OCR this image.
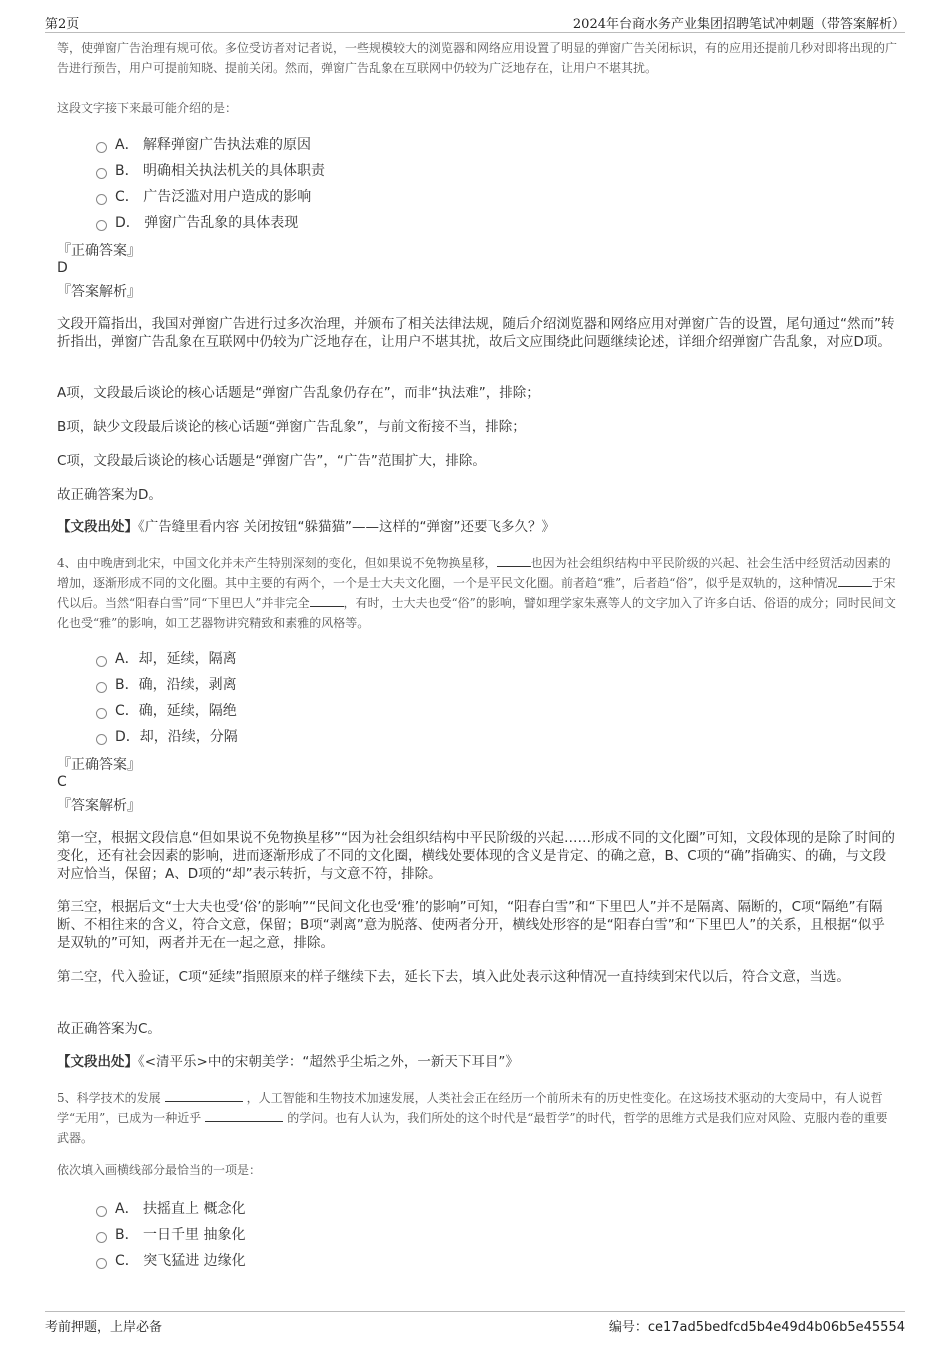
第2页	2024年台商水务产业集团招聘笔试冲刺题（带答案解析）
等，使弹窗广告治理有规可依。多位受访者对记者说，一些规模较大的浏览器和网络应用设置了明显的弹窗广告关闭标识，有的应用还提前几秒对即将出现的广告进行预告，用户可提前知晓、提前关闭。然而，弹窗广告乱象在互联网中仍较为广泛地存在，让用户不堪其扰。
这段文字接下来最可能介绍的是：
A． 解释弹窗广告执法难的原因
B． 明确相关执法机关的具体职责
C． 广告泛滥对用户造成的影响
D． 弹窗广告乱象的具体表现
『正确答案』
D
『答案解析』
文段开篇指出，我国对弹窗广告进行过多次治理，并颁布了相关法律法规，随后介绍浏览器和网络应用对弹窗广告的设置，尾句通过“然而”转折指出，弹窗广告乱象在互联网中仍较为广泛地存在，让用户不堪其扰，故后文应围绕此问题继续论述，详细介绍弹窗广告乱象，对应D项。
A项，文段最后谈论的核心话题是“弹窗广告乱象仍存在”，而非“执法难”，排除；
B项，缺少文段最后谈论的核心话题“弹窗广告乱象”，与前文衔接不当，排除；
C项，文段最后谈论的核心话题是“弹窗广告”，“广告”范围扩大，排除。
故正确答案为D。
【文段出处】《广告缝里看内容 关闭按钮“躲猫猫”——这样的“弹窗”还要飞多久？》
4、由中晚唐到北宋，中国文化并未产生特别深刻的变化，但如果说不免物换星移，	也因为社会组织结构中平民阶级的兴起、社会生活中经贸活动因素的增加，逐渐形成不同的文化圈。其中主要的有两个，一个是士大夫文化圈，一个是平民文化圈。前者趋“雅”，后者趋“俗”，似乎是双轨的，这种情况	于宋代以后。当然“阳春白雪”同“下里巴人”并非完全	，有时，士大夫也受“俗”的影响，譬如理学家朱熹等人的文字加入了许多白话、俗语的成分；同时民间文化也受“雅”的影响，如工艺器物讲究精致和素雅的风格等。
A．却，延续，隔离
B．确，沿续，剥离
C．确，延续，隔绝
D．却，沿续，分隔
『正确答案』
C
『答案解析』
第一空，根据文段信息“但如果说不免物换星移”“因为社会组织结构中平民阶级的兴起……形成不同的文化圈”可知，文段体现的是除了时间的变化，还有社会因素的影响，进而逐渐形成了不同的文化圈，横线处要体现的含义是肯定、的确之意，B、C项的“确”指确实、的确，与文段对应恰当，保留；A、D项的“却”表示转折，与文意不符，排除。
第三空，根据后文“士大夫也受‘俗’的影响”“民间文化也受‘雅’的影响”可知，“阳春白雪”和“下里巴人”并不是隔离、隔断的，C项“隔绝”有隔断、不相往来的含义，符合文意，保留；B项“剥离”意为脱落、使两者分开，横线处形容的是“阳春白雪”和“下里巴人”的关系，且根据“似乎是双轨的”可知，两者并无在一起之意，排除。
第二空，代入验证，C项“延续”指照原来的样子继续下去，延长下去，填入此处表示这种情况一直持续到宋代以后，符合文意，当选。
故正确答案为C。
【文段出处】《<清平乐>中的宋朝美学：“超然乎尘垢之外，一新天下耳目”》
5、科学技术的发展	，人工智能和生物技术加速发展，人类社会正在经历一个前所未有的历史性变化。在这场技术驱动的大变局中，有人说哲学“无用”，已成为一种近乎	的学问。也有人认为，我们所处的这个时代是“最哲学”的时代，哲学的思维方式是我们应对风险、克服内卷的重要武器。
依次填入画横线部分最恰当的一项是：
A． 扶摇直上 概念化
B． 一日千里 抽象化
C． 突飞猛进 边缘化
考前押题，上岸必备	编号：ce17ad5bedfcd5b4e49d4b06b5e45554
